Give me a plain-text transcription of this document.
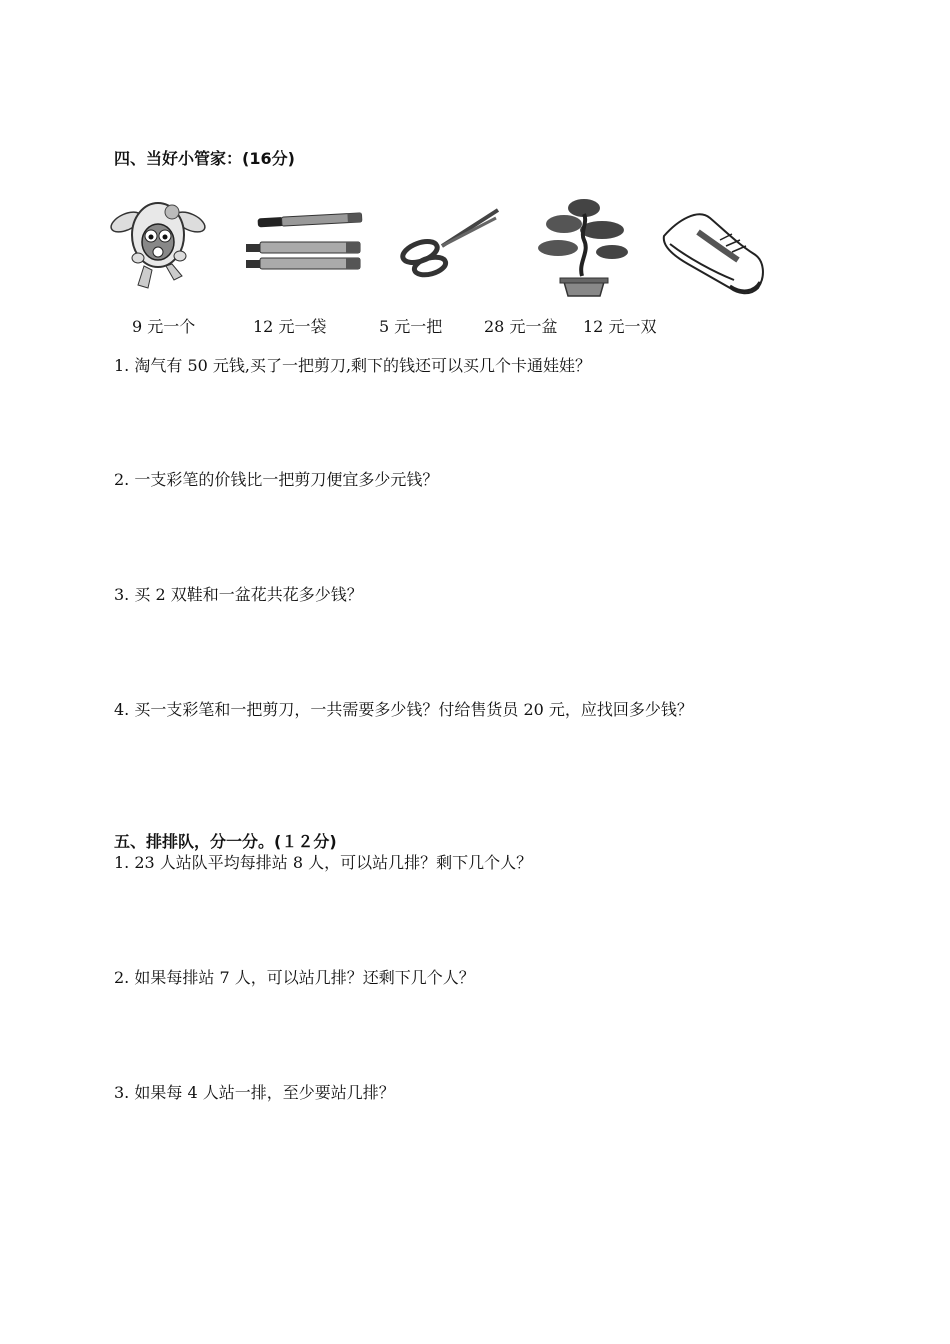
四、当好小管家：(16分)
9 元一个	12 元一袋	5 元一把	28 元一盆 12 元一双
1. 淘气有 50 元钱,买了一把剪刀,剩下的钱还可以买几个卡通娃娃？
2. 一支彩笔的价钱比一把剪刀便宜多少元钱？
3. 买 2 双鞋和一盆花共花多少钱？
4. 买一支彩笔和一把剪刀，一共需要多少钱？付给售货员 20 元，应找回多少钱？
五、排排队，分一分。(１２分)
1. 23 人站队平均每排站 8 人，可以站几排？剩下几个人？
2. 如果每排站 7 人，可以站几排？还剩下几个人？
3. 如果每 4 人站一排，至少要站几排？
